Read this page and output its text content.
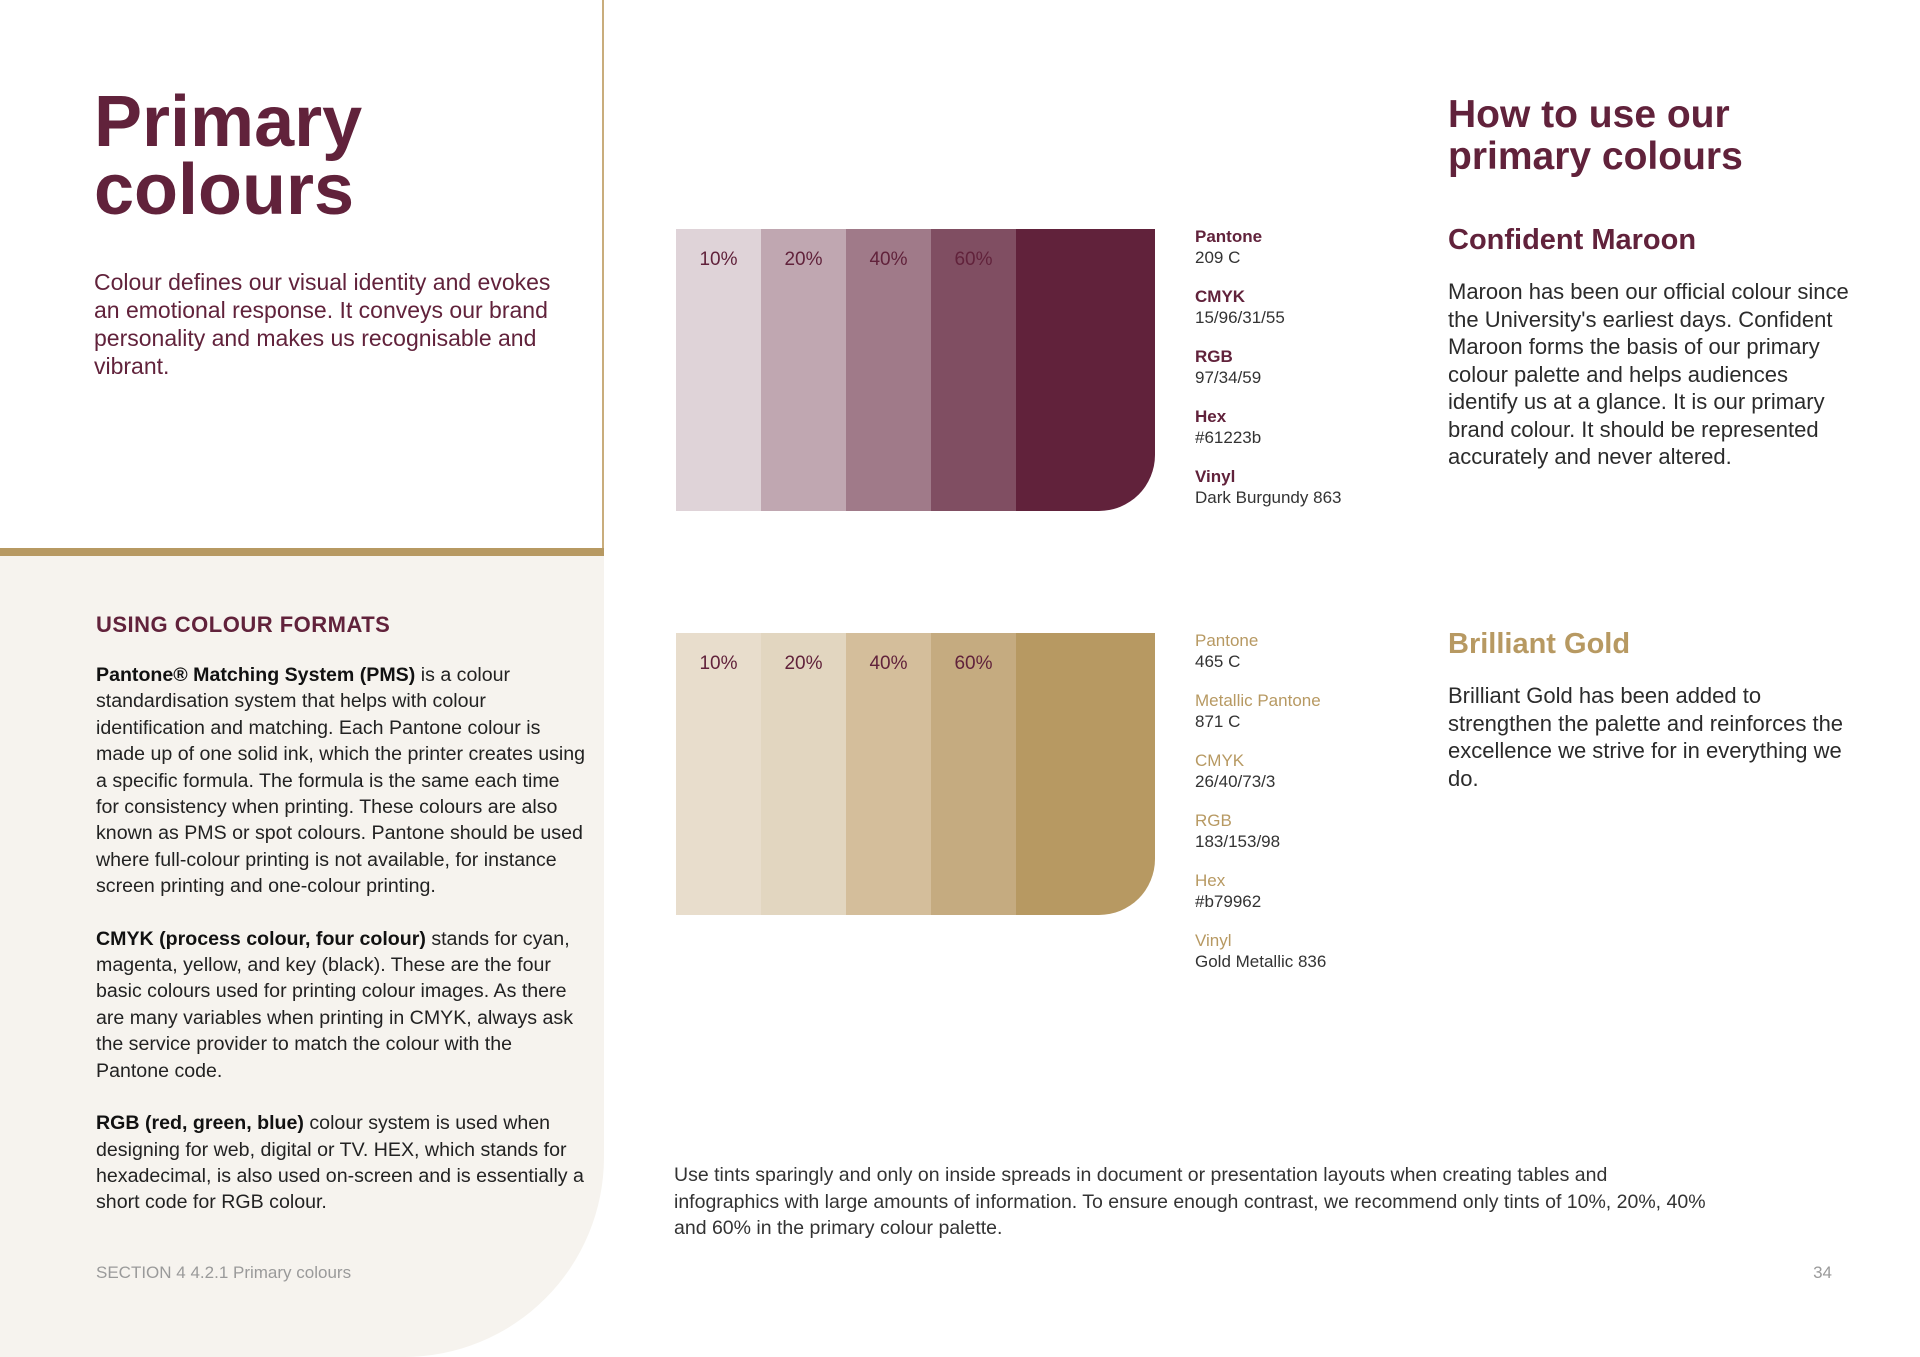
Primary
colours

Colour defines our visual identity and evokes an emotional response. It conveys our brand personality and makes us recognisable and vibrant.

USING COLOUR FORMATS

Pantone® Matching System (PMS) is a colour standardisation system that helps with colour identification and matching. Each Pantone colour is made up of one solid ink, which the printer creates using a specific formula. The formula is the same each time for consistency when printing. These colours are also known as PMS or spot colours. Pantone should be used where full-colour printing is not available, for instance screen printing and one-colour printing.

CMYK (process colour, four colour) stands for cyan, magenta, yellow, and key (black). These are the four basic colours used for printing colour images. As there are many variables when printing in CMYK, always ask the service provider to match the colour with the Pantone code.

RGB (red, green, blue) colour system is used when designing for web, digital or TV. HEX, which stands for hexadecimal, is also used on-screen and is essentially a short code for RGB colour.

SECTION 4 4.2.1 Primary colours	34
10%	20%	40%	60%
Pantone
209 C
CMYK
15/96/31/55
RGB
97/34/59
Hex
#61223b
Vinyl
Dark Burgundy 863
10%	20%	40%	60%
Pantone
465 C
Metallic Pantone
871 C
CMYK
26/40/73/3
RGB
183/153/98
Hex
#b79962
Vinyl
Gold Metallic 836
How to use our
primary colours
Confident Maroon

Maroon has been our official colour since the University's earliest days. Confident Maroon forms the basis of our primary colour palette and helps audiences identify us at a glance. It is our primary brand colour. It should be represented accurately and never altered.

Brilliant Gold

Brilliant Gold has been added to strengthen the palette and reinforces the excellence we strive for in everything we do.

Use tints sparingly and only on inside spreads in document or presentation layouts when creating tables and infographics with large amounts of information. To ensure enough contrast, we recommend only tints of 10%, 20%, 40% and 60% in the primary colour palette.
